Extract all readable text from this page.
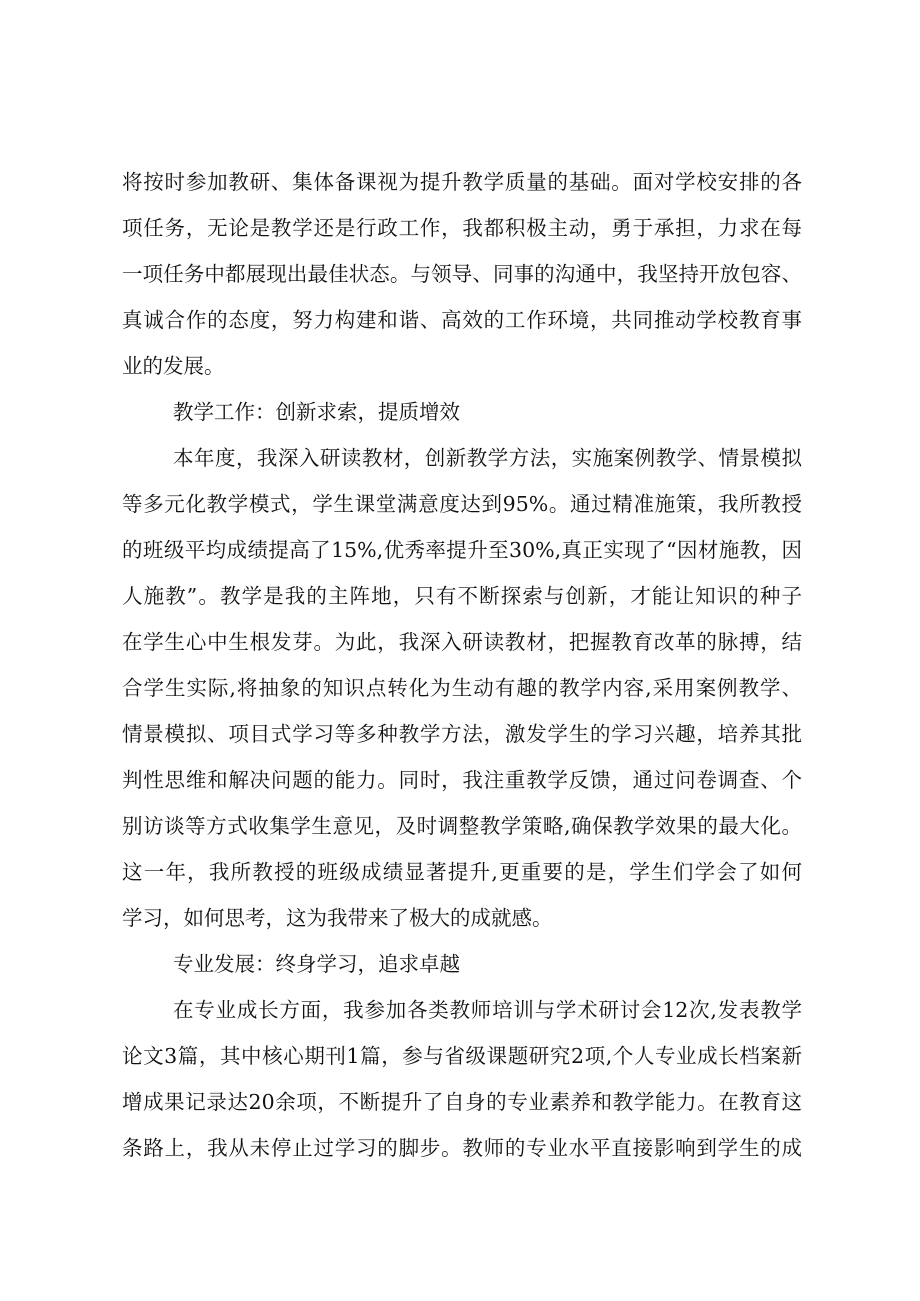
将按时参加教研、集体备课视为提升教学质量的基础。面对学校安排的各
项任务，无论是教学还是行政工作，我都积极主动，勇于承担，力求在每
一项任务中都展现出最佳状态。与领导、同事的沟通中，我坚持开放包容、
真诚合作的态度，努力构建和谐、高效的工作环境，共同推动学校教育事
业的发展。
教学工作：创新求索，提质增效
本年度，我深入研读教材，创新教学方法，实施案例教学、情景模拟
等多元化教学模式，学生课堂满意度达到95%。通过精准施策，我所教授
的班级平均成绩提高了15%,优秀率提升至30%,真正实现了“因材施教，因
人施教”。教学是我的主阵地，只有不断探索与创新，才能让知识的种子
在学生心中生根发芽。为此，我深入研读教材，把握教育改革的脉搏，结
合学生实际,将抽象的知识点转化为生动有趣的教学内容,采用案例教学、
情景模拟、项目式学习等多种教学方法，激发学生的学习兴趣，培养其批
判性思维和解决问题的能力。同时，我注重教学反馈，通过问卷调查、个
别访谈等方式收集学生意见，及时调整教学策略,确保教学效果的最大化。
这一年，我所教授的班级成绩显著提升,更重要的是，学生们学会了如何
学习，如何思考，这为我带来了极大的成就感。
专业发展：终身学习，追求卓越
在专业成长方面，我参加各类教师培训与学术研讨会12次,发表教学
论文3篇，其中核心期刊1篇，参与省级课题研究2项,个人专业成长档案新
增成果记录达20余项，不断提升了自身的专业素养和教学能力。在教育这
条路上，我从未停止过学习的脚步。教师的专业水平直接影响到学生的成
